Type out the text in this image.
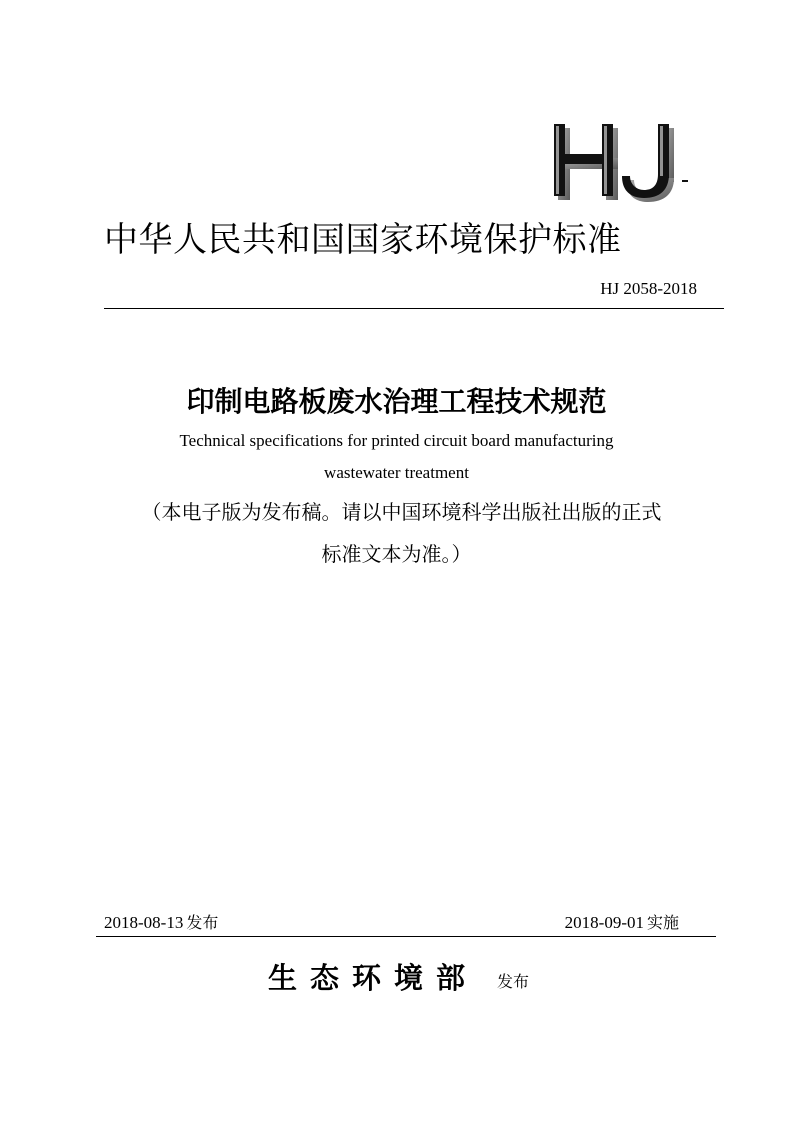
中华人民共和国国家环境保护标准
HJ 2058-2018
印制电路板废水治理工程技术规范
Technical specifications for printed circuit board manufacturing
wastewater treatment
（本电子版为发布稿。请以中国环境科学出版社出版的正式
标准文本为准。）
2018-08-13 发布	2018-09-01 实施
生态环境部 发布
